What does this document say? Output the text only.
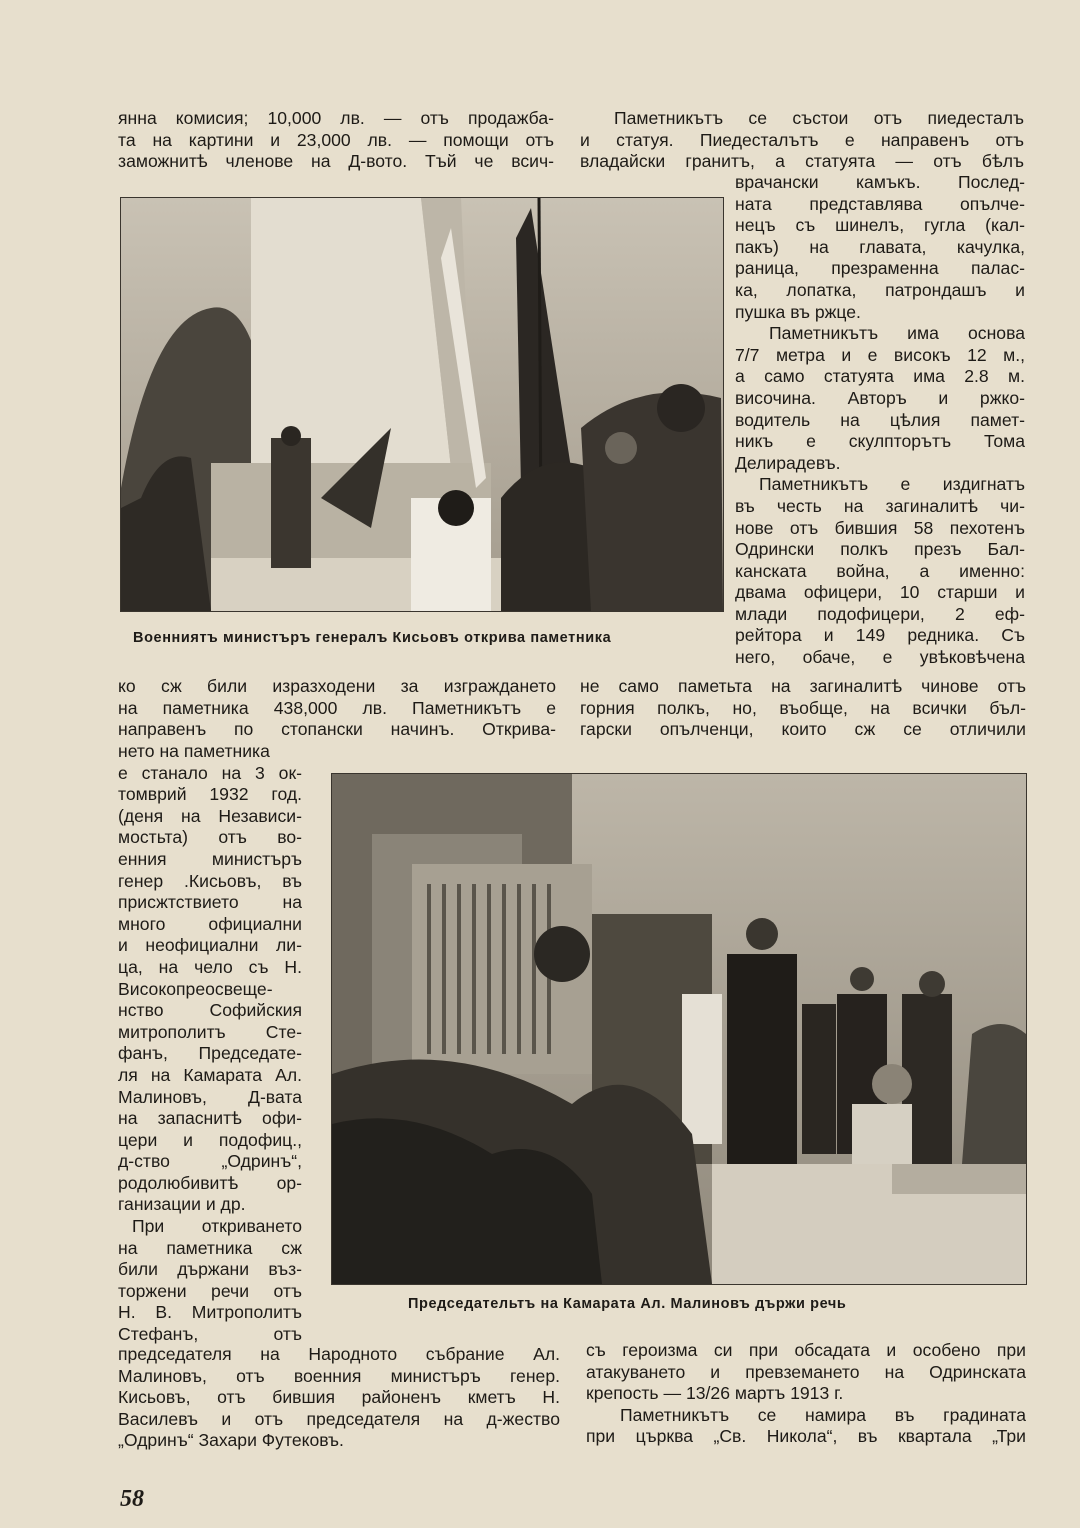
янна комисия; 10,000 лв. — отъ продажба-
та на картини и 23,000 лв. — помощи отъ
заможнитѣ членове на Д-вото. Тъй че всич-
Паметникътъ се състои отъ пиедесталъ
и статуя. Пиедесталътъ е направенъ отъ
владайски гранитъ, а статуята — отъ бѣлъ
врачански камъкъ. Послед-
ната представлява опълче-
нецъ съ шинелъ, гугла (кал-
пакъ) на главата, качулка,
раница, презраменна палас-
ка, лопатка, патрондашъ и
пушка въ ржце.
Паметникътъ има основа
7/7 метра и е високъ 12 м.,
а само статуята има 2.8 м.
височина. Авторъ и ржко-
водитель на цѣлия памет-
никъ е скулпторътъ Тома
Делирадевъ.
Паметникътъ е издигнатъ
въ честь на загиналитѣ чи-
нове отъ бившия 58 пехотенъ
Одрински полкъ презъ Бал-
канската война, а именно:
двама офицери, 10 старши и
млади подофицери, 2 еф-
рейтора и 149 редника. Съ
него, обаче, е увѣковѣчена
Военниятъ министъръ генералъ Кисьовъ открива паметника
ко сж били изразходени за изграждането
на паметника 438,000 лв. Паметникътъ е
направенъ по стопански начинъ. Открива-
не само паметьта на загиналитѣ чинове отъ
горния полкъ, но, въобще, на всички бъл-
гарски опълченци, които сж се отличили
нето на паметника
е станало на 3 ок-
томврий 1932 год.
(деня на Независи-
мостьта) отъ во-
енния министъръ
генер .Кисьовъ, въ
присжтствието на
много официални
и неофициални ли-
ца, на чело съ Н.
Високопреосвеще-
нство Софийския
митрополитъ Сте-
фанъ, Председате-
ля на Камарата Ал.
Малиновъ, Д-вата
на запаснитѣ офи-
цери и подофиц.,
д-ство „Одринъ“,
родолюбивитѣ ор-
ганизации и др.
При откриването
на паметника сж
били държани въз-
торжени речи отъ
Н. В. Митрополитъ
Стефанъ, отъ
Председательтъ на Камарата Ал. Малиновъ държи речь
председателя на Народното събрание Ал.
Малиновъ, отъ военния министъръ генер.
Кисьовъ, отъ бившия районенъ кметъ Н.
Василевъ и отъ председателя на д-жество
„Одринъ“ Захари Футековъ.
съ героизма си при обсадата и особено при
атакуването и превземането на Одринската
крепость — 13/26 мартъ 1913 г.
Паметникътъ се намира въ градината
при църква „Св. Никола“, въ квартала „Три
58
